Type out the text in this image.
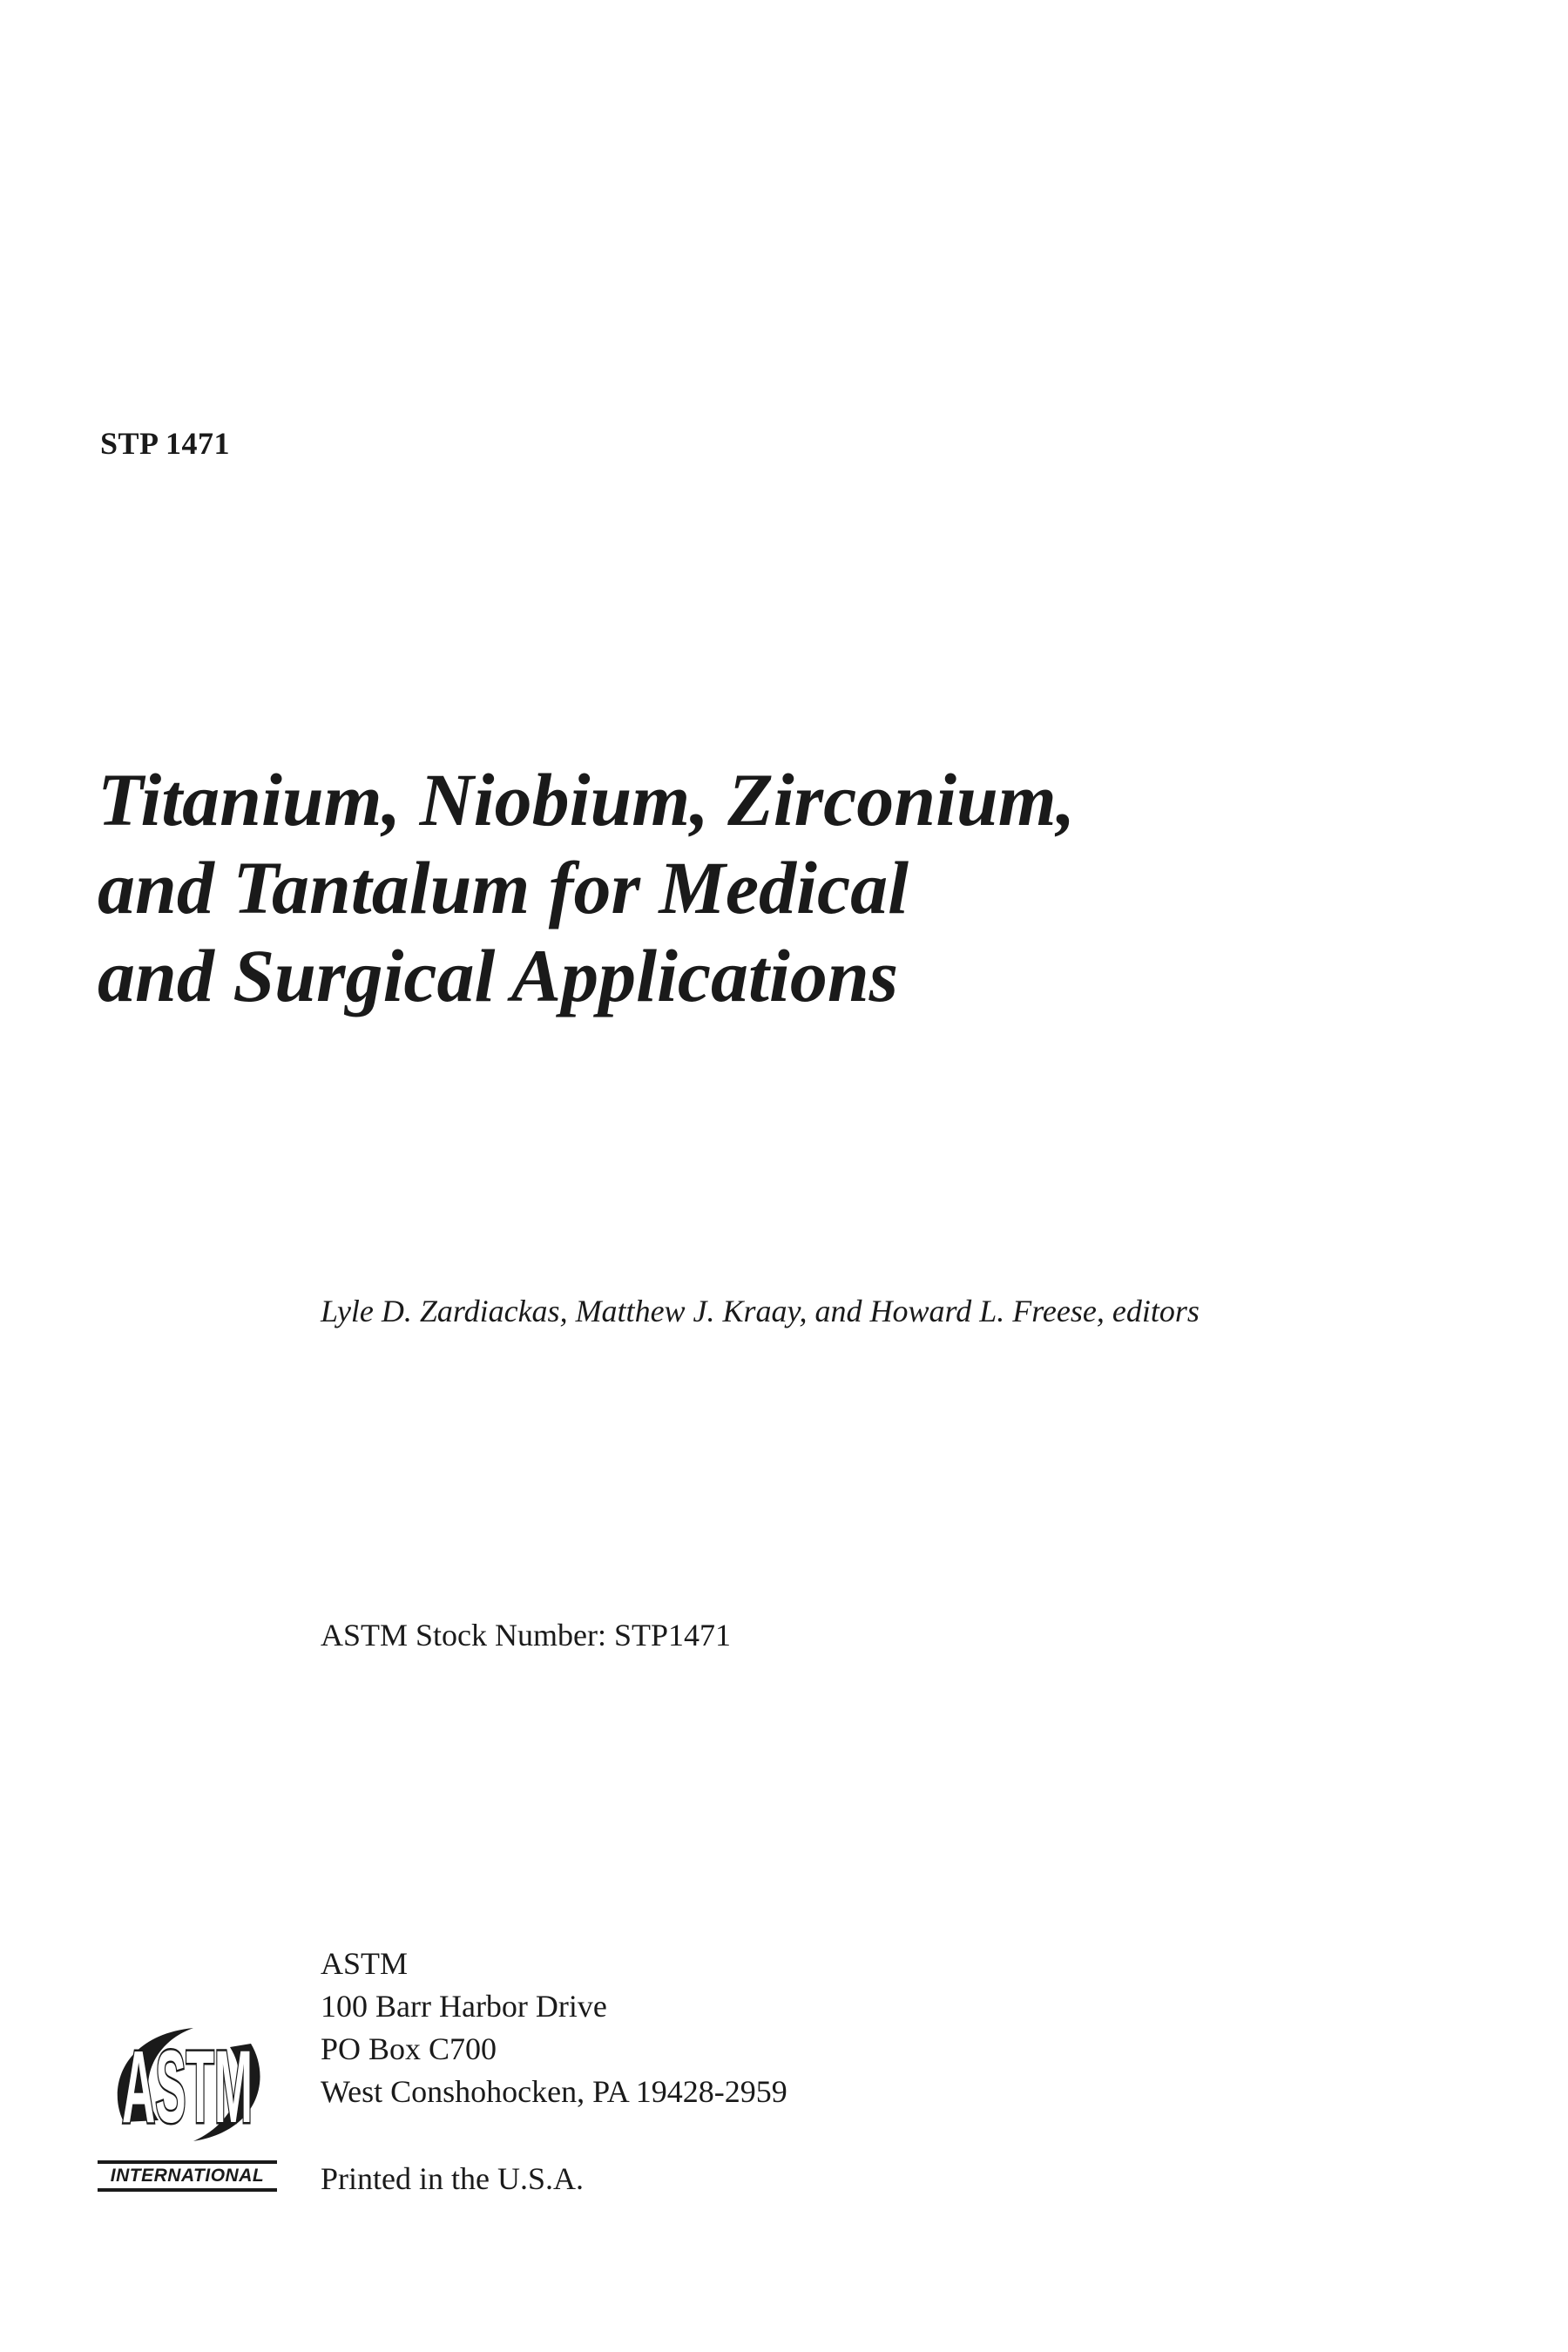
STP 1471
Titanium, Niobium, Zirconium,
and Tantalum for Medical
and Surgical Applications
Lyle D. Zardiackas, Matthew J. Kraay, and Howard L. Freese, editors
ASTM Stock Number: STP1471
ASTM
100 Barr Harbor Drive
PO Box C700
West Conshohocken, PA 19428-2959
Printed in the U.S.A.
ASTM
ASTM
INTERNATIONAL
